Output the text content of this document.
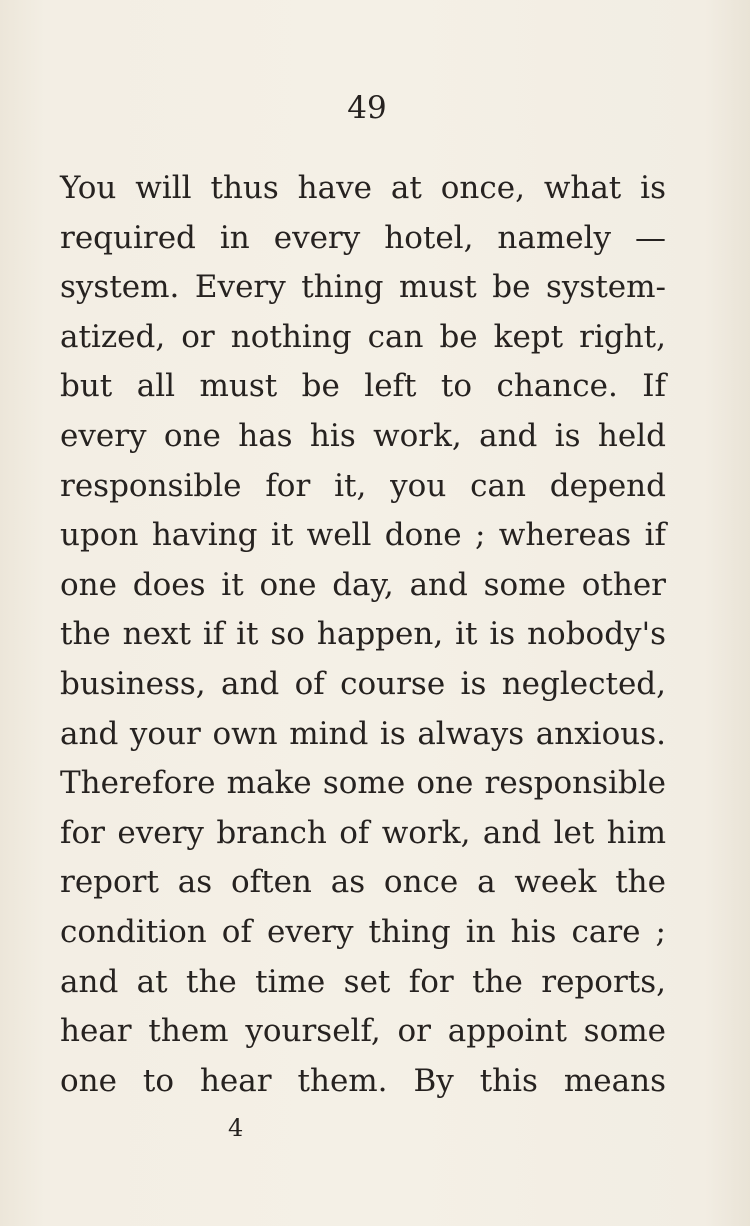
49
You will thus have at once, what is
required in every hotel, namely —
system. Every thing must be system-
atized, or nothing can be kept right,
but all must be left to chance. If
every one has his work, and is held
responsible for it, you can depend
upon having it well done ; whereas if
one does it one day, and some other
the next if it so happen, it is nobody's
business, and of course is neglected,
and your own mind is always anxious.
Therefore make some one responsible
for every branch of work, and let him
report as often as once a week the
condition of every thing in his care ;
and at the time set for the reports,
hear them yourself, or appoint some
one to hear them. By this means
4
